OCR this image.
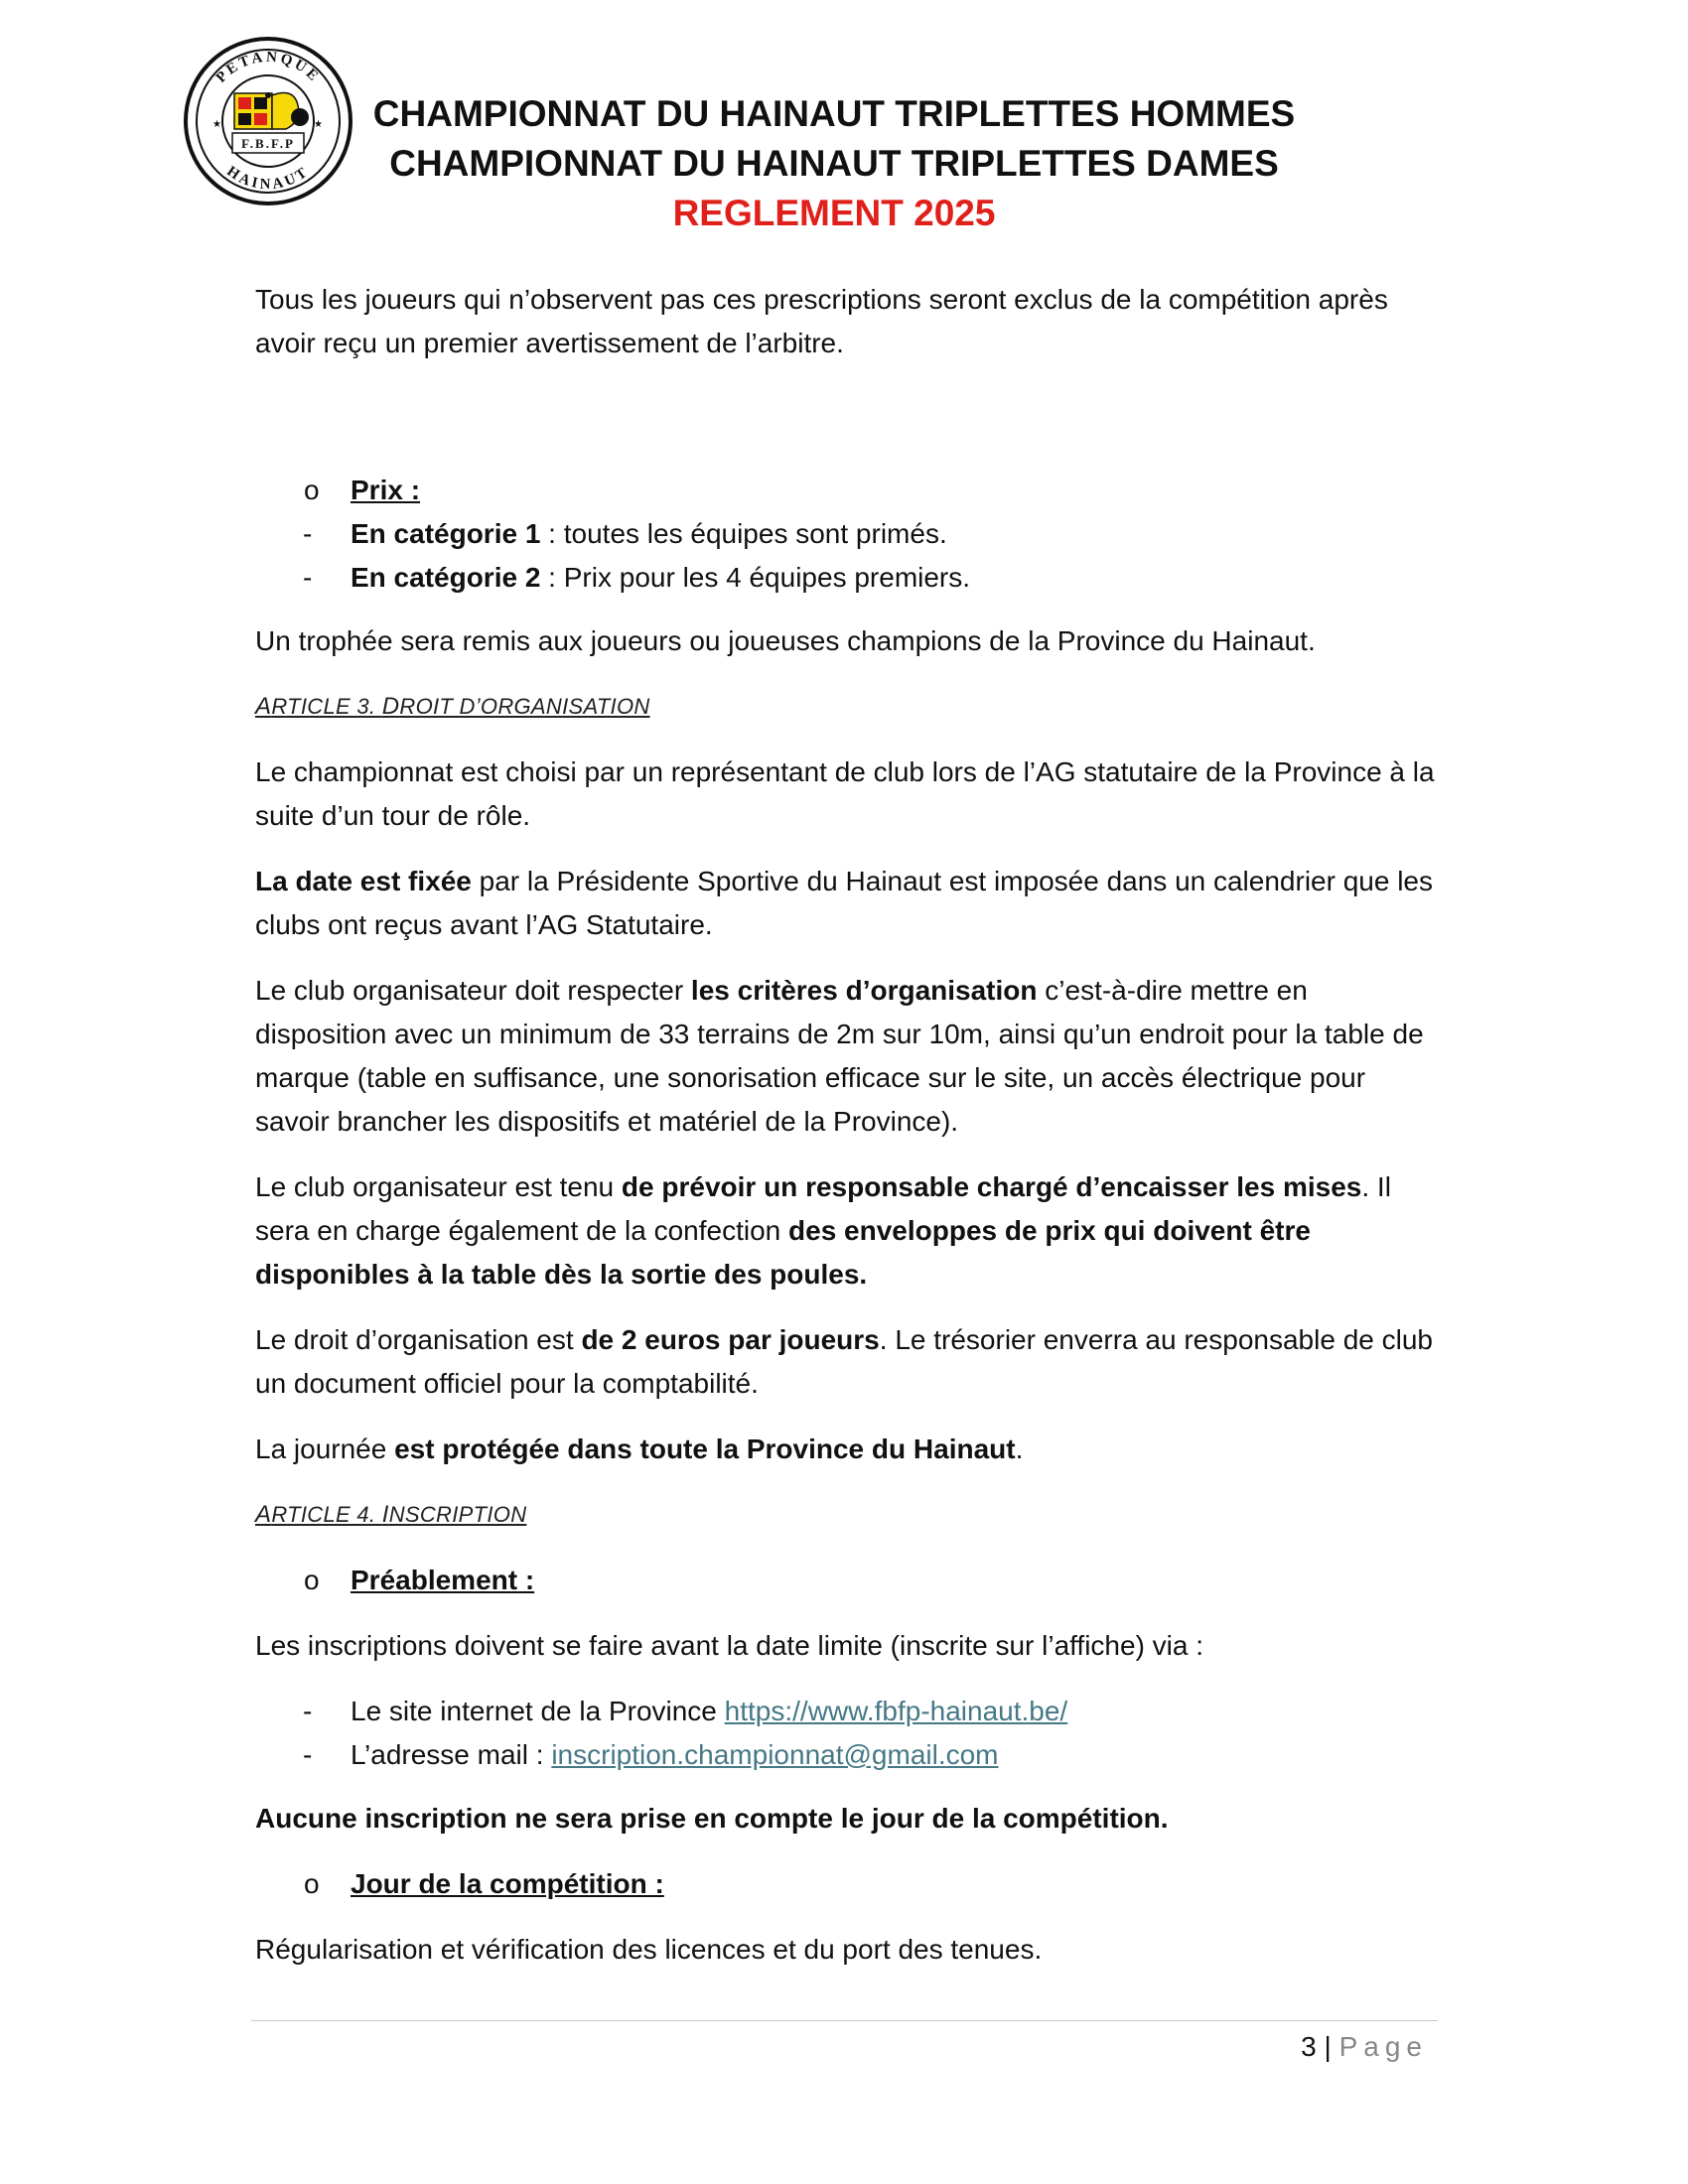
PETANQUE
HAINAUT
★	★
F.B.F.P
CHAMPIONNAT DU HAINAUT TRIPLETTES HOMMES
CHAMPIONNAT DU HAINAUT TRIPLETTES DAMES
REGLEMENT 2025

Tous les joueurs qui n’observent pas ces prescriptions seront exclus de la compétition après avoir reçu un premier avertissement de l’arbitre.

o Prix :
- En catégorie 1 : toutes les équipes sont primés.
- En catégorie 2 : Prix pour les 4 équipes premiers.

Un trophée sera remis aux joueurs ou joueuses champions de la Province du Hainaut.

ARTICLE 3. DROIT D’ORGANISATION

Le championnat est choisi par un représentant de club lors de l’AG statutaire de la Province à la suite d’un tour de rôle.

La date est fixée par la Présidente Sportive du Hainaut est imposée dans un calendrier que les clubs ont reçus avant l’AG Statutaire.

Le club organisateur doit respecter les critères d’organisation c’est-à-dire mettre en disposition avec un minimum de 33 terrains de 2m sur 10m, ainsi qu’un endroit pour la table de marque (table en suffisance, une sonorisation efficace sur le site, un accès électrique pour savoir brancher les dispositifs et matériel de la Province).

Le club organisateur est tenu de prévoir un responsable chargé d’encaisser les mises. Il sera en charge également de la confection des enveloppes de prix qui doivent être disponibles à la table dès la sortie des poules.

Le droit d’organisation est de 2 euros par joueurs. Le trésorier enverra au responsable de club un document officiel pour la comptabilité.

La journée est protégée dans toute la Province du Hainaut.

ARTICLE 4. INSCRIPTION

o Préablement :

Les inscriptions doivent se faire avant la date limite (inscrite sur l’affiche) via :

- Le site internet de la Province https://www.fbfp-hainaut.be/
- L’adresse mail : inscription.championnat@gmail.com

Aucune inscription ne sera prise en compte le jour de la compétition.

o Jour de la compétition :

Régularisation et vérification des licences et du port des tenues.

3 | Page
